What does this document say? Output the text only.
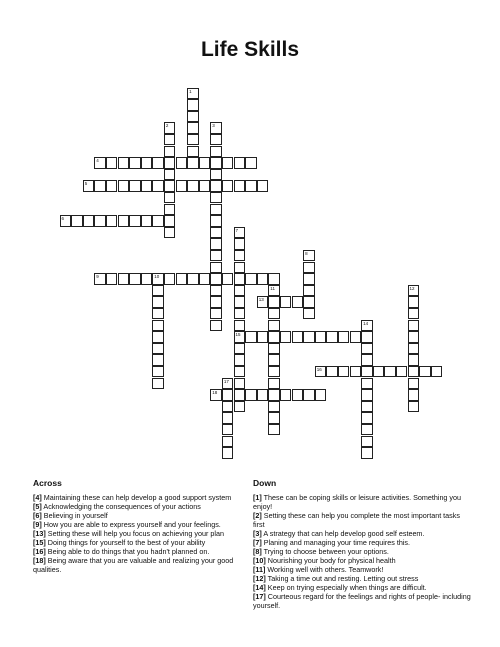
Life Skills
1
2	3
4
5
6
7
15
8
9	10
11	12
13
14
16
17
18
Across

[4] Maintaining these can help develop a good support system

[5] Acknowledging the consequences of your actions

[6] Believing in yourself

[9] How you are able to express yourself and your feelings.

[13] Setting these will help you focus on achieving your plan

[15] Doing things for yourself to the best of your ability

[16] Being able to do things that you hadn't planned on.

[18] Being aware that you are valuable and realizing your good qualities.

Down

[1] These can be coping skills or leisure activities. Something you enjoy!

[2] Setting these can help you complete the most important tasks first

[3] A strategy that can help develop good self esteem.

[7] Planing and managing your time requires this.

[8] Trying to choose between your options.

[10] Nourishing your body for physical health

[11] Working well with others. Teamwork!

[12] Taking a time out and resting. Letting out stress

[14] Keep on trying especially when things are difficult.

[17] Courteous regard for the feelings and rights of people- including yourself.
